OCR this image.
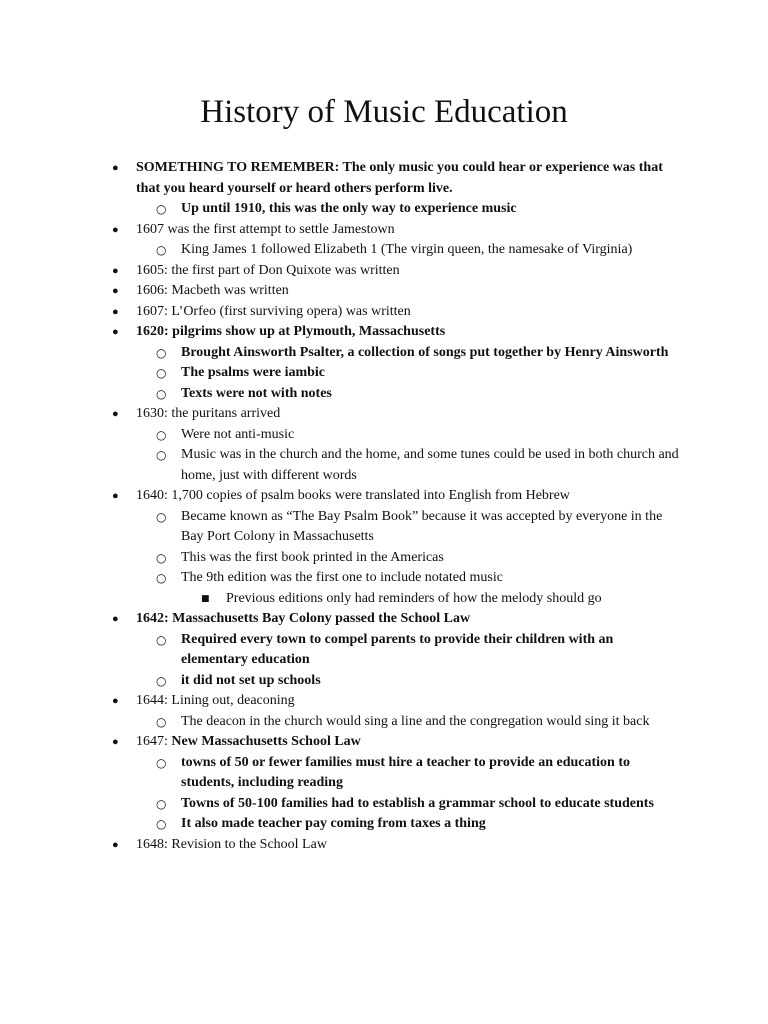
History of Music Education
● SOMETHING TO REMEMBER: The only music you could hear or experience was that that you heard yourself or heard others perform live.
○ Up until 1910, this was the only way to experience music
● 1607 was the first attempt to settle Jamestown
○ King James 1 followed Elizabeth 1 (The virgin queen, the namesake of Virginia)
● 1605: the first part of Don Quixote was written
● 1606: Macbeth was written
● 1607: L’Orfeo (first surviving opera) was written
● 1620: pilgrims show up at Plymouth, Massachusetts
○ Brought Ainsworth Psalter, a collection of songs put together by Henry Ainsworth
○ The psalms were iambic
○ Texts were not with notes
● 1630: the puritans arrived
○ Were not anti-music
○ Music was in the church and the home, and some tunes could be used in both church and home, just with different words
● 1640: 1,700 copies of psalm books were translated into English from Hebrew
○ Became known as “The Bay Psalm Book” because it was accepted by everyone in the Bay Port Colony in Massachusetts
○ This was the first book printed in the Americas
○ The 9th edition was the first one to include notated music
■ Previous editions only had reminders of how the melody should go
● 1642: Massachusetts Bay Colony passed the School Law
○ Required every town to compel parents to provide their children with an elementary education
○ it did not set up schools
● 1644: Lining out, deaconing
○ The deacon in the church would sing a line and the congregation would sing it back
● 1647: New Massachusetts School Law
○ towns of 50 or fewer families must hire a teacher to provide an education to students, including reading
○ Towns of 50-100 families had to establish a grammar school to educate students
○ It also made teacher pay coming from taxes a thing
● 1648: Revision to the School Law
